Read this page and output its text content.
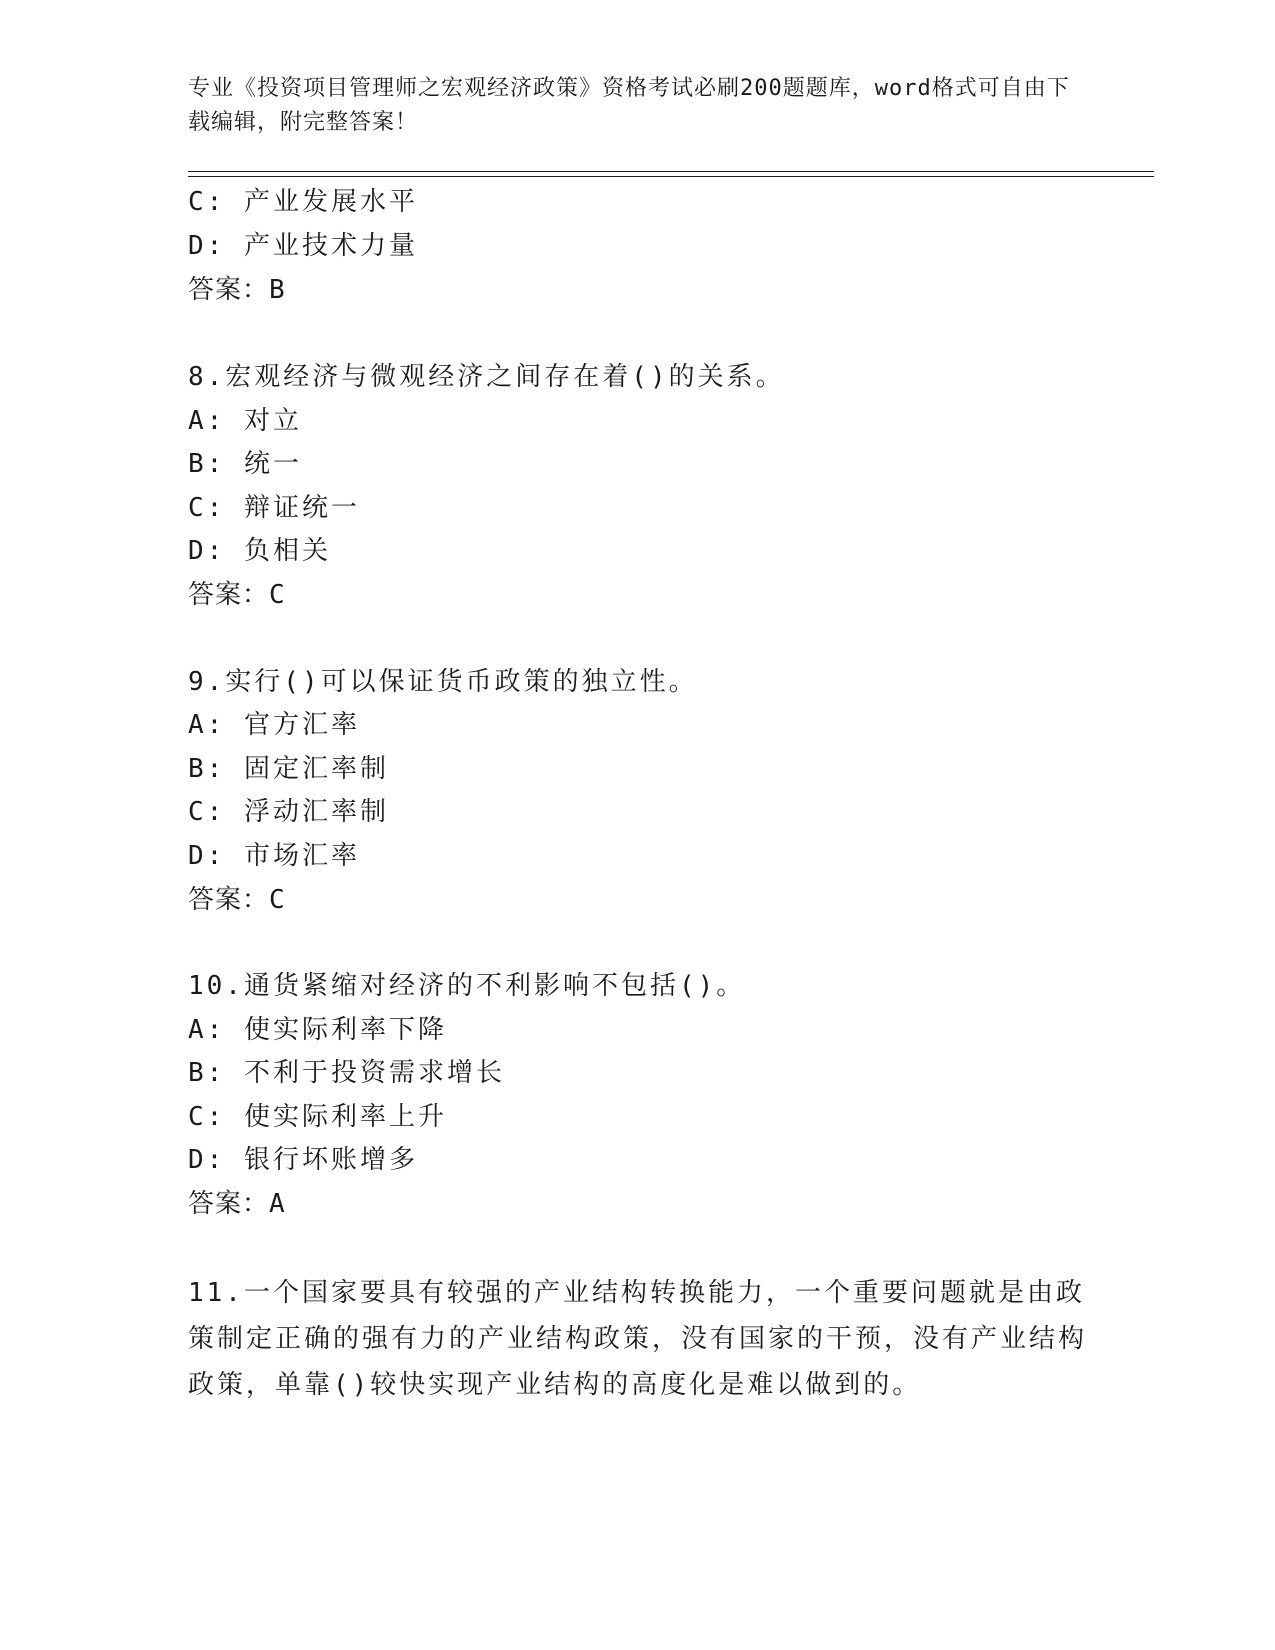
专业《投资项目管理师之宏观经济政策》资格考试必刷200题题库，word格式可自由下载编辑，附完整答案！
C: 产业发展水平
D: 产业技术力量
答案：B
8.宏观经济与微观经济之间存在着()的关系。
A: 对立
B: 统一
C: 辩证统一
D: 负相关
答案：C
9.实行()可以保证货币政策的独立性。
A: 官方汇率
B: 固定汇率制
C: 浮动汇率制
D: 市场汇率
答案：C
10.通货紧缩对经济的不利影响不包括()。
A: 使实际利率下降
B: 不利于投资需求增长
C: 使实际利率上升
D: 银行坏账增多
答案：A
11.一个国家要具有较强的产业结构转换能力，一个重要问题就是由政策制定正确的强有力的产业结构政策，没有国家的干预，没有产业结构政策，单靠()较快实现产业结构的高度化是难以做到的。
